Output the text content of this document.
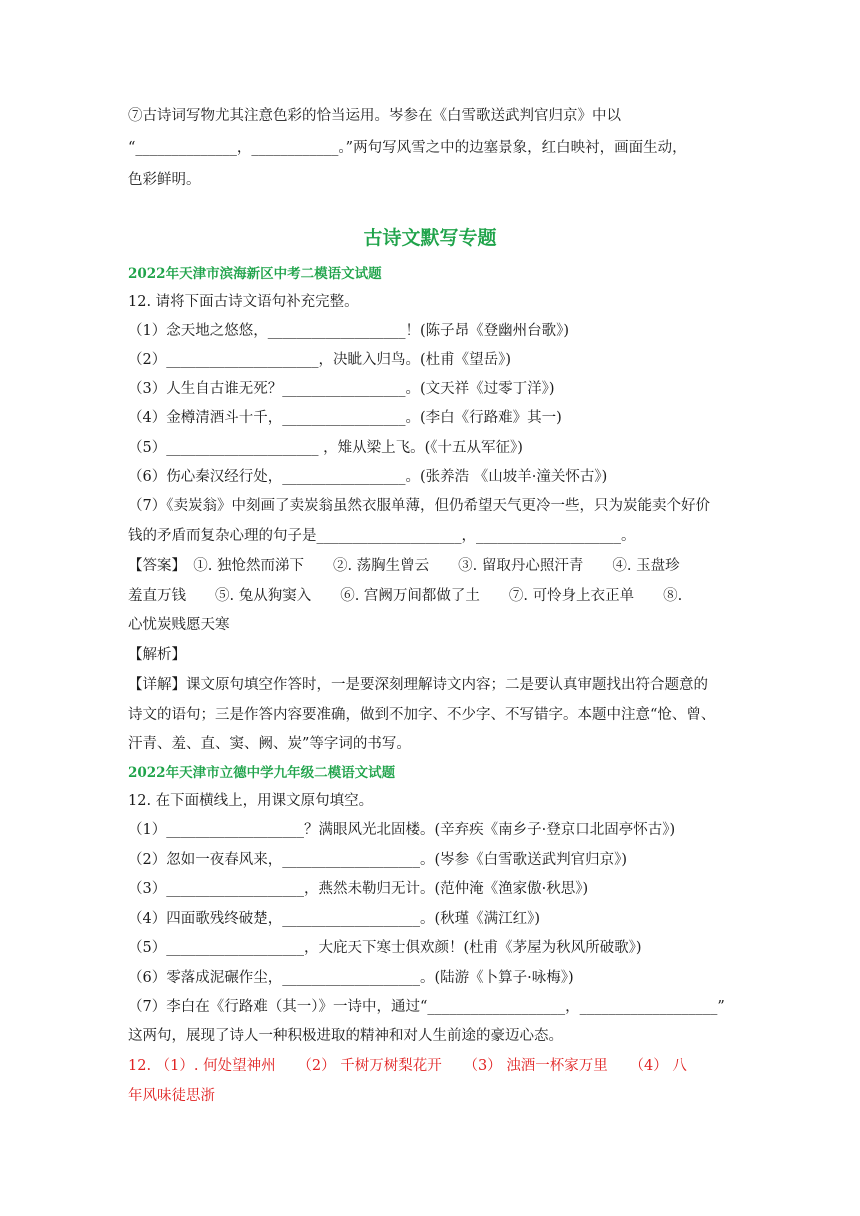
⑦古诗词写物尤其注意色彩的恰当运用。岑参在《白雪歌送武判官归京》中以
“______________，____________。”两句写风雪之中的边塞景象，红白映衬，画面生动，
色彩鲜明。
古诗文默写专题
2022年天津市滨海新区中考二模语文试题
12. 请将下面古诗文语句补充完整。
（1）念天地之悠悠，___________________！(陈子昂《登幽州台歌》)
（2）_____________________，决眦入归鸟。(杜甫《望岳》)
（3）人生自古谁无死？_________________。(文天祥《过零丁洋》)
（4）金樽清酒斗十千，_________________。(李白《行路难》其一)
（5）_____________________ ，雉从梁上飞。(《十五从军征》)
（6）伤心秦汉经行处，_________________。(张养浩 《山坡羊·潼关怀古》)
（7）《卖炭翁》中刻画了卖炭翁虽然衣服单薄，但仍希望天气更冷一些，只为炭能卖个好价
钱的矛盾而复杂心理的句子是____________________，____________________。
【答案】　①. 独怆然而涕下　　②. 荡胸生曾云　　③. 留取丹心照汗青　　④. 玉盘珍
羞直万钱　　⑤. 兔从狗窦入　　⑥. 宫阙万间都做了土　　⑦. 可怜身上衣正单　　⑧.
心忧炭贱愿天寒
【解析】
【详解】课文原句填空作答时，一是要深刻理解诗文内容；二是要认真审题找出符合题意的
诗文的语句；三是作答内容要准确，做到不加字、不少字、不写错字。本题中注意“怆、曾、
汗青、羞、直、窦、阙、炭”等字词的书写。
2022年天津市立德中学九年级二模语文试题
12. 在下面横线上，用课文原句填空。
（1）___________________？满眼风光北固楼。(辛弃疾《南乡子·登京口北固亭怀古》)
（2）忽如一夜春风来，___________________。(岑参《白雪歌送武判官归京》)
（3）___________________，燕然未勒归无计。(范仲淹《渔家傲·秋思》)
（4）四面歌残终破楚，___________________。(秋瑾《满江红》)
（5）___________________，大庇天下寒士俱欢颜！(杜甫《茅屋为秋风所破歌》)
（6）零落成泥碾作尘，___________________。(陆游《卜算子·咏梅》)
（7）李白在《行路难（其一）》一诗中，通过“___________________，___________________”
这两句，展现了诗人一种积极进取的精神和对人生前途的豪迈心态。
12. （1）. 何处望神州　　（2） 千树万树梨花开　　（3） 浊酒一杯家万里　　（4） 八
年风味徒思浙
